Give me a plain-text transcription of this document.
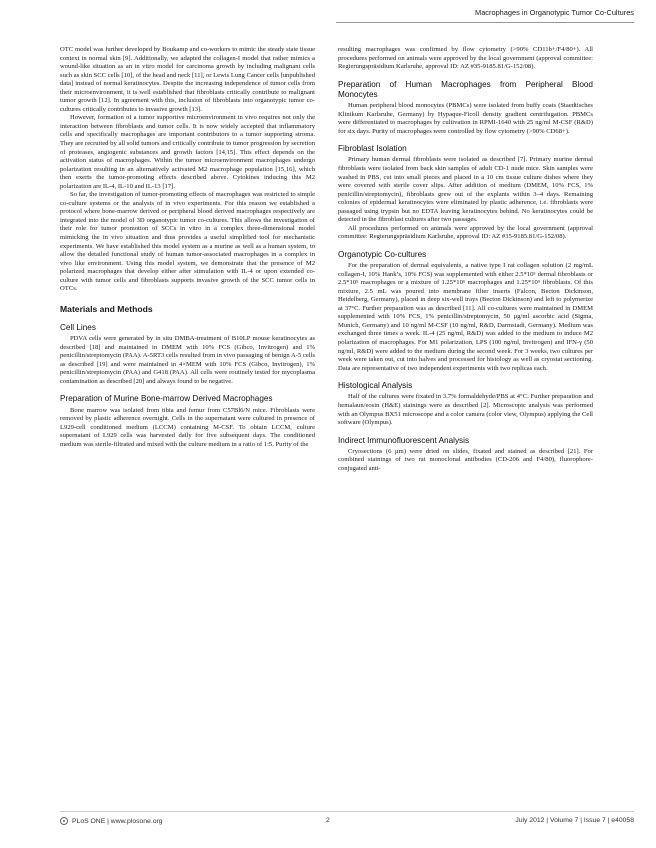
Macrophages in Organotypic Tumor Co-Cultures

OTC model was further developed by Boukamp and co-workers to mimic the steady state tissue context in normal skin [9]. Additionally, we adapted the collagen-I model that rather mimics a wound-like situation as an in vitro model for carcinoma growth by including malignant cells such as skin SCC cells [10], of the head and neck [11], or Lewis Lung Cancer cells [unpublished data] instead of normal keratinocytes. Despite the increasing independence of tumor cells from their microenvironment, it is well established that fibroblasts critically contribute to malignant tumor growth [12]. In agreement with this, inclusion of fibroblasts into organotypic tumor co-cultures critically contributes to invasive growth [13].

However, formation of a tumor supportive microenvironment in vivo requires not only the interaction between fibroblasts and tumor cells. It is now widely accepted that inflammatory cells and specifically macrophages are important contributors to a tumor supporting stroma. They are recruited by all solid tumors and critically contribute to tumor progression by secretion of proteases, angiogenic substances and growth factors [14,15]. This effect depends on the activation status of macrophages. Within the tumor microenvironment macrophages undergo polarization resulting in an alternatively activated M2 macrophage population [15,16], which then exerts the tumor-promoting effects described above. Cytokines inducing this M2 polarization are IL-4, IL-10 and IL-13 [17].

So far, the investigation of tumor-promoting effects of macrophages was restricted to simple co-culture systems or the analysis of in vivo experiments. For this reason we established a protocol where bone-marrow derived or peripheral blood derived macrophages respectively are integrated into the model of 3D organotypic tumor co-cultures. This allows the investigation of their role for tumor promotion of SCCs in vitro in a complex three-dimensional model mimicking the in vivo situation and thus provides a useful simplified tool for mechanistic experiments. We have established this model system as a murine as well as a human system, to allow the detailed functional study of human tumor-associated macrophages in a complex in vivo like environment. Using this model system, we demonstrate that the presence of M2 polarized macrophages that develop either after stimulation with IL-4 or upon extended co-culture with tumor cells and fibroblasts supports invasive growth of the SCC tumor cells in OTCs.

Materials and Methods
Cell Lines

PDVA cells were generated by in situ DMBA-treatment of B10LP mouse keratinocytes as described [18] and maintained in DMEM with 10% FCS (Gibco, Invitrogen) and 1% penicillin/streptomycin (PAA). A-5RT3 cells resulted from in vivo passaging of benign A-5 cells as described [19] and were maintained in 4×MEM with 10% FCS (Gibco, Invitrogen), 1% penicillin/streptomycin (PAA) and G418 (PAA). All cells were routinely tested for mycoplasma contamination as described [20] and always found to be negative.

Preparation of Murine Bone-marrow Derived Macrophages

Bone marrow was isolated from tibia and femur from C57Bl6/N mice. Fibroblasts were removed by plastic adherence overnight. Cells in the supernatant were cultured in presence of L929-cell conditioned medium (LCCM) containing M-CSF. To obtain LCCM, culture supernatant of L929 cells was harvested daily for five subsequent days. The conditioned medium was sterile-filtrated and mixed with the culture medium in a ratio of 1:5. Purity of the

resulting macrophages was confirmed by flow cytometry (>90% CD11b+/F4/80+). All procedures performed on animals were approved by the local government (approval committee: Regierungspräsidium Karlsruhe, approval ID: AZ #35-9185.81/G-152/08).

Preparation of Human Macrophages from Peripheral Blood Monocytes

Human peripheral blood monocytes (PBMCs) were isolated from buffy coats (Staedtisches Klinikum Karlsruhe, Germany) by Hypaque-Ficoll density gradient centrifugation. PBMCs were differentiated to macrophages by cultivation in RPMI-1640 with 25 ng/ml M-CSF (R&D) for six days. Purity of macrophages were controlled by flow cytometry (>90% CD68+).

Fibroblast Isolation

Primary human dermal fibroblasts were isolated as described [7]. Primary murine dermal fibroblasts were isolated from back skin samples of adult CD-1 nude mice. Skin samples were washed in PBS, cut into small pieces and placed in a 10 cm tissue culture dishes where they were covered with sterile cover slips. After addition of medium (DMEM, 10% FCS, 1% penicillin/streptomycin), fibroblasts grew out of the explants within 3–4 days. Remaining colonies of epidermal keratinocytes were eliminated by plastic adherence, i.e. fibroblasts were passaged using trypsin but no EDTA leaving keratinocytes behind. No keratinocytes could be detected in the fibroblast cultures after two passages.

All procedures performed on animals were approved by the local government (approval committee: Regierungspräsidium Karlsruhe, approval ID: AZ #35-9185.81/G-152/08).

Organotypic Co-cultures

For the preparation of dermal equivalents, a native type I rat collagen solution (2 mg/mL collagen-I, 10% Hank’s, 10% FCS) was supplemented with either 2.5*10⁵ dermal fibroblasts or 2.5*10⁵ macrophages or a mixture of 1.25*10⁵ macrophages and 1.25*10⁵ fibroblasts. Of this mixture, 2.5 mL was poured into membrane filter inserts (Falcon, Becton Dickinson, Heidelberg, Germany), placed in deep six-well trays (Becton Dickinson) and left to polymerize at 37°C. Further preparation was as described [11]. All co-cultures were maintained in DMEM supplemented with 10% FCS, 1% penicillin/streptomycin, 50 µg/ml ascorbic acid (Sigma, Munich, Germany) and 10 ng/ml M-CSF (10 ng/ml, R&D, Darmstadt, Germany). Medium was exchanged three times a week. IL-4 (25 ng/ml, R&D) was added to the medium to induce M2 polarization of macrophages. For M1 polarization, LPS (100 ng/ml, Invitrogen) and IFN-γ (50 ng/ml, R&D) were added to the medium during the second week. For 3 weeks, two cultures per week were taken out, cut into halves and processed for histology as well as cryostat sectioning. Data are representative of two independent experiments with two replicas each.

Histological Analysis

Half of the cultures were fixated in 3.7% formaldehyde/PBS at 4°C. Further preparation and hemalaun/eosin (H&E) stainings were as described [2]. Microscopic analysis was performed with an Olympus BX51 microscope and a color camera (color view, Olympus) applying the Cell software (Olympus).

Indirect Immunofluorescent Analysis

Cryosections (6 µm) were dried on slides, fixated and stained as described [21]. For combined stainings of two rat monoclonal antibodies (CD-206 and F4/80), fluorophore-conjugated anti-

PLoS ONE | www.plosone.org	2	July 2012 | Volume 7 | Issue 7 | e40058
